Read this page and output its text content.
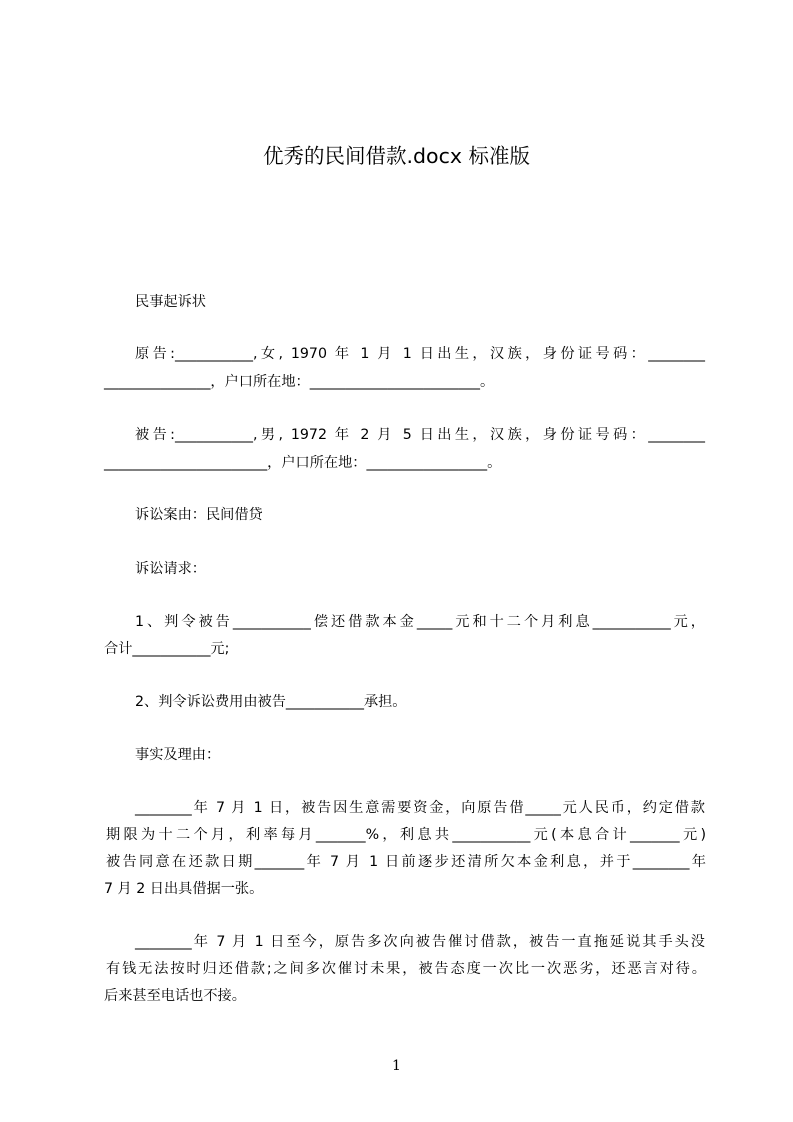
优秀的民间借款.docx 标准版
民事起诉状
原告:___________,女, 1970 年 1 月 1 日出生，汉族，身份证号码：________
_______________，户口所在地：________________________。
被告:___________,男, 1972 年 2 月 5 日出生，汉族，身份证号码：________
_______________________，户口所在地：_________________。
诉讼案由：民间借贷
诉讼请求：
1、判令被告___________偿还借款本金_____元和十二个月利息___________元，
合计___________元;
2、判令诉讼费用由被告___________承担。
事实及理由：
________年 7 月 1 日，被告因生意需要资金，向原告借_____元人民币，约定借款
期限为十二个月，利率每月_______%，利息共___________元(本息合计_______元)
被告同意在还款日期_______年 7 月 1 日前逐步还清所欠本金利息，并于________年
7 月 2 日出具借据一张。
________年 7 月 1 日至今，原告多次向被告催讨借款，被告一直拖延说其手头没
有钱无法按时归还借款;之间多次催讨未果，被告态度一次比一次恶劣，还恶言对待。
后来甚至电话也不接。
1
